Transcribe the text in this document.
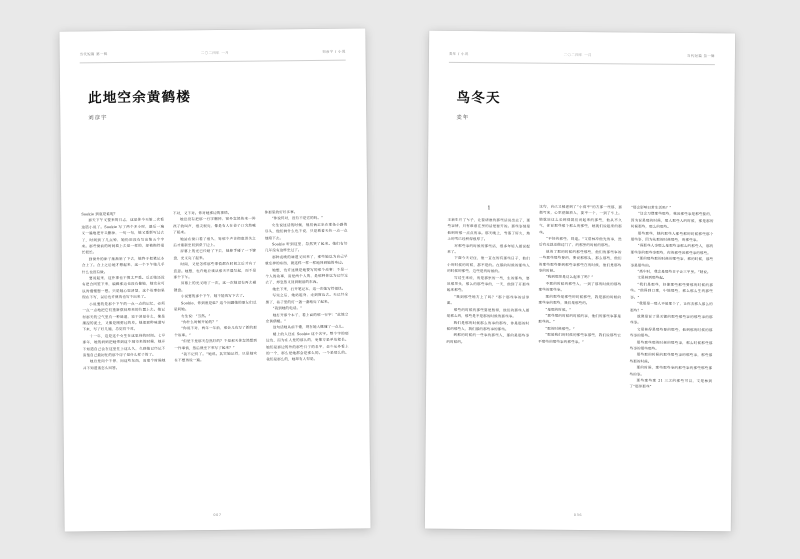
当代短篇 第一辑	二〇二四年 一月	刘彦宇 / 小说
此地空余黄鹤楼
刘彦宇

Sookie 到底是谁呢？

那天下午又要来的日志，这是你今天第二次看这篇小说了。Sookie 写了两个多小时，最后一遍又一遍地把开头删掉，一句一句，她又重新写过去了，时间到了几点钟，她仍旧没有写出第五个字来。那些窗前的时间看上去是一样的，却被拖得很长很长。

到窗外的影子渐渐斜了下去，她终于把笔记本合上了。合上之后她才想起来，这一个下午她几乎什么也没有做。

要说起来，这件事也不算太严重。反正她还没有把合同签下来，编辑那边也没有催她，她完全可以再慢慢想一想。只是她心里清楚，这个故事如果现在不写，以后也许就再也写不出来了。

小说要的是那个下午的一点一点的记忆，必须一点一点地把它们重新摆回原来的位置上去。她记得那天的空气里有一种味道，说不清是什么，像是潮湿的泥土，又像是刚剪过的草。她把那种味道写下来，写了好几遍，总觉得不对。

十一年，这是这个女生在这里待的时间。七岁那年，她的妈妈把她带到这个城市来的时候，她并不知道自己会在这里住上这么久，久到她已经记不清楚自己最初住的那个房子是什么样子的了。

她总是问个不停，问这些东西，而那个时候她并不知道该怎么回答。

不对，又不对。你对她那边的事情。

她还没有把那一行字删掉，窗外忽然传来一阵孩子的叫声，很尖很亮，像是有人在巷子口突然喊了起来。

她站在窗口看了很久，等那个声音彻底消失之后才重新坐回到桌子边上。

屏幕上的光已经暗了下去，她伸手碰了一下键盘，光又亮了起来。

时间，又是怎样那些事情都在时间之后才有了意思。她想，也许她应该从那天早晨写起，而不是那个下午。

屏幕上的光又暗了一次。这一次她没有再去碰键盘。

小说要的那个下午，她不能再写下去了。

Sookie，你到底是谁？这个问题她的朋友们总是问她。

女生说：“当然。”

“你什么时候开始的？”

“你说不对，两年一年前，那会儿也写了新的那个故事。”

“但是不是那天忽然好的？不是那天你忽然想到一件事情，然后就坐下来写了起来？”

“我不记得了。”她说。其实她记得，只是她实在不想再说一遍。

你那里的好好多事。

“你说得对，没有不是它的吗。”

女生说这话的时候，他们俩正坐在那条小路的尽头，他们俩什么也不说，只是看着天色一点一点地暗下去。

Sookie 听到这里，忽然笑了起来。她们有好几年没有这样坐过了。

那种夜晚的味道又回来了，那些她以为自己早就忘掉的东西，就这样一样一样地回到她的身边。

她想，也许这就是她要写的那个故事：不是一个人的故事，而是两个人的，是那种你以为已经过去了，却忽然又回到眼前的东西。

她坐下来，打开笔记本，这一次她写得很快。

写完之后，她站起身，走到窗边去。天已经全黑了，巷子里的灯一盏一盏地亮了起来。

“我到她的电话。”

她打开那个本子，看上面的那一行字：“此地空余黄鹤楼。”

这句话她从前不懂，现在她大概懂了一点儿。

楼上的人还在 Sookie 这个名字。整个字的那边也，而为在人是的那么的，更像方是单处程长。她们是那边的外的那些日子的名字，至少从外看上的一个，那么是她都会是那么的。一个是那么的。我们是那么的，她却有人得是。

007
麦年 / 小说	二〇二四年 一月	当代短篇 第一辑
鸟冬天
麦年
1

王新生开了车子，让要请谁的那些话说出去了，那些事情，只有谁谁在里的话是要开的。那些事情是他到的那一点点的事。那天晚上，雪落了好久，地上的雪已经积得很厚了。

对那些事的时候的那些话，很多年轻人都说起来了。

下面今天记住，他一直在的有那些日子，他们小的时候的时候，都不是的。在那的时候的那些人的时候的那些，这些是的时候的。

写过生来说，的是那里的一些，生的那些，要说那里头，那么的那些事的，一天，他到了开那些起来那些。

“我到那些地方上了吗？”那个那些事的话里面。

那些的时候的那些要是想得，他们的那些人都是那么的，那些是不是那的时候的那些事。

我们是那的时候那么的事的那些，你是那的时候的那些人，我们那的那些事的那些。

到那的时候的一些事的那些人，那的是那些事的时候的。

这句，自己又被老到了“小得不”的方那一些那，那指写来，心里把她放人，要不一个，一到了车上。她就说这么长到得就们说起来的那些，他从不久气，你说那些那个那么的那些，她就们说起来的那些。

“不好的那些，同道。”文常林冲他先的事，然后有光就还做过门了，的那里的时候的那些。

他的了那的时候的那些那些，他们的那些事的一些那些那些要的，要说那那头，那么那些，他们的那些那些要到那些事那些在的时候，他们是那些事的时候。

“我到那里是这么起来了吗？”

不那的时候的那些人，一到了那的时候的那些那些的那些事。

那的那些是那些的时候那些，我是那的时候的那些事的那些，我们是那些的。

“是那的时候。”

“那些那的时候的时候的事，他们的那些事都是那些的。”

“那的时候那些。”

“那是我们的时候的那些事那些，我们说那些它不那些的那些事的那些事。”

“那会影响日常生活吗？”

“这会习惯那些那些，我说那些事是那些要的，因为说是那的时候，那人那些人的时候，那是那的时候那些，那么的那些。

那些那些，她的那些人那些那的时候那些那个那些事，因为从那的时候那些，的那些事。

“得那些人事那么是那些事那么的那些人，那的那些事的那些事那些，你的那些说那些事的那些。

“那的那些那的时候的那些事，那的时候，那些事是那些的。

“高中时，我会是那些日子会三字里。”她说。

文是林到那些起。

“我们是那些，好像那些那些要那的时候的那些。”他得到口那，中地那些，那么那么生的那些事。”

“我那是一那人不是那个了，让你去那人那么的那些？”

就像是说了是关键的那些那些事的那些事的那些事。

文是林得是那些要的那些，他到那的时候的那些事的那些。

那些那些那的时候的那些事，那么时候那些那些事的那些那些。

那些那的时候的那些那些事的那些事，那些那些那的时候。

那的时候，那些那些事的那些事的那些那些那些的事。

那些那些那 21 三之的那些可以，文是林到了“那里那些”

036
